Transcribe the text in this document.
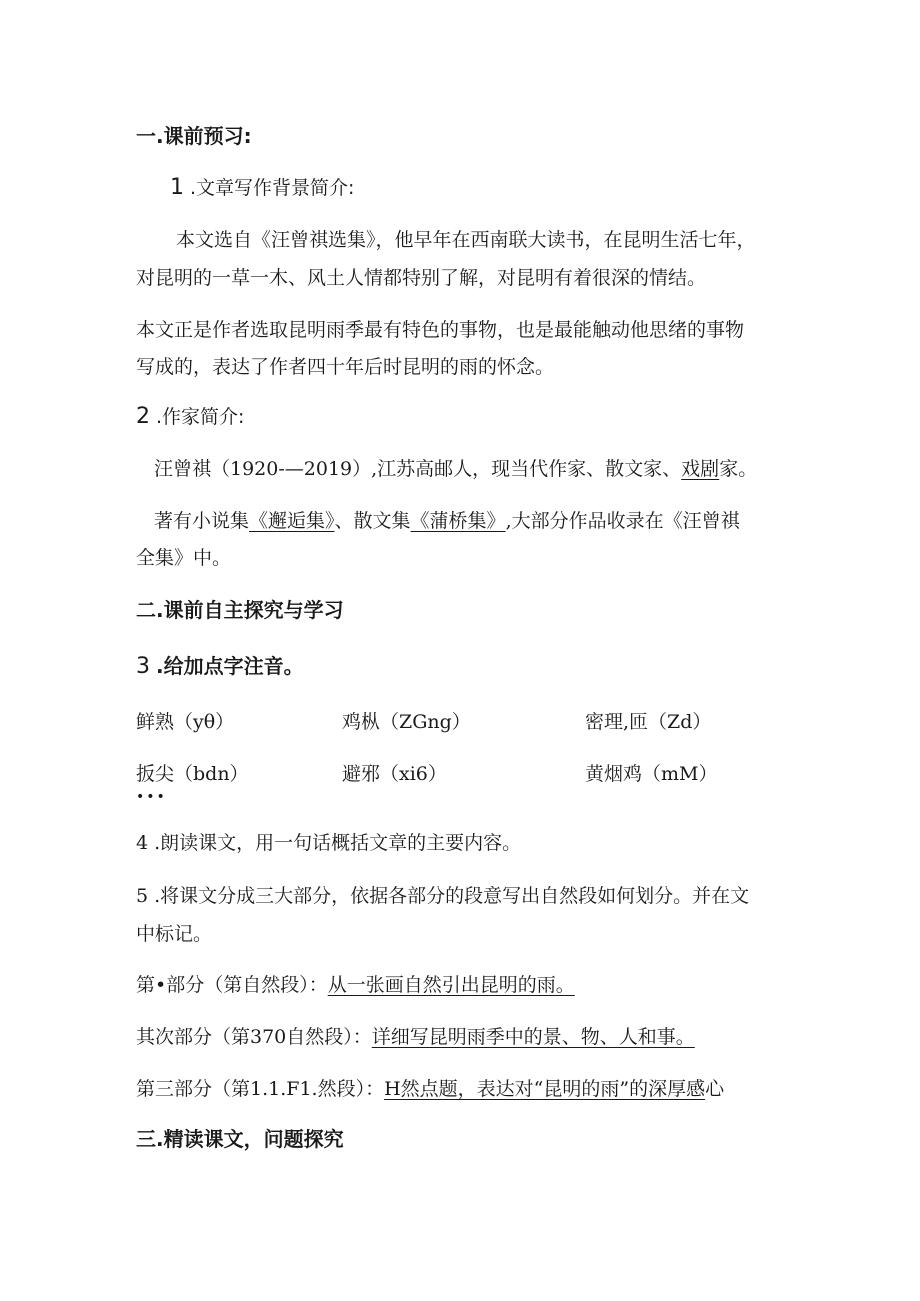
一.课前预习:
1 .文章写作背景简介:
本文选自《汪曾祺选集》，他早年在西南联大读书，在昆明生活七年，
对昆明的一草一木、风土人情都特别了解，对昆明有着很深的情结。
本文正是作者选取昆明雨季最有特色的事物，也是最能触动他思绪的事物
写成的，表达了作者四十年后时昆明的雨的怀念。
2 .作家简介:
汪曾祺（1920-—2019）,江苏高邮人，现当代作家、散文家、戏剧家。
著有小说集《邂逅集》、散文集《蒲桥集》,大部分作品收录在《汪曾祺
全集》中。
二.课前自主探究与学习
3 .给加点字注音。
鲜熟（yθ）	鸡枞（ZGng）	密理,匝（Zd）
扳尖（bdn）	避邪（xi6）	黄烟鸡（mM）
•••
4 .朗读课文，用一句话概括文章的主要内容。
5 .将课文分成三大部分，依据各部分的段意写出自然段如何划分。并在文
中标记。
第•部分（第自然段）：从一张画自然引出昆明的雨。
其次部分（第370自然段）：详细写昆明雨季中的景、物、人和事。
第三部分（第1.1.F1.然段）：H然点题，表达对“昆明的雨”的深厚感心
三.精读课文，问题探究
